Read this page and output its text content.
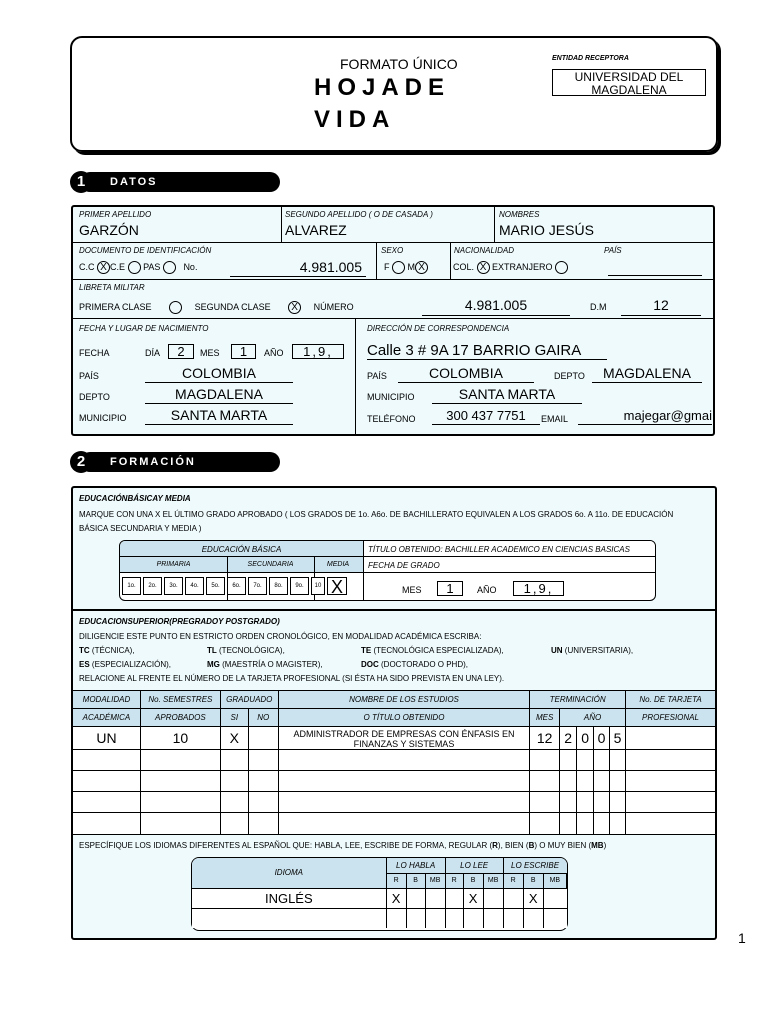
FORMATO ÚNICO
HOJADE
VIDA
ENTIDAD RECEPTORA
UNIVERSIDAD DEL MAGDALENA
DATOS
1
PRIMER APELLIDO
GARZÓN
SEGUNDO APELLIDO ( O DE CASADA )
ALVAREZ
NOMBRES
MARIO JESÚS
DOCUMENTO DE IDENTIFICACIÓN
C.C X C.E PAS	No.	4.981.005
SEXO
F M X
NACIONALIDAD	PAÍS
COL. X EXTRANJERO
LIBRETA MILITAR
PRIMERA CLASE	SEGUNDA CLASE X NÚMERO	4.981.005	D.M	12
FECHA Y LUGAR DE NACIMIENTO
FECHA	DÍA	2	MES	1	AÑO	1,9,
PAÍS	COLOMBIA
DEPTO	MAGDALENA
MUNICIPIO	SANTA MARTA
DIRECCIÓN DE CORRESPONDENCIA
Calle 3 # 9A 17 BARRIO GAIRA
PAÍS	COLOMBIA	DEPTO	MAGDALENA
MUNICIPIO	SANTA MARTA
TELÉFONO	300 437 7751	EMAIL	majegar@gmai
FORMACIÓN
2
EDUCACIÓNBÁSICAY MEDIA
MARQUE CON UNA X EL ÚLTIMO GRADO APROBADO ( LOS GRADOS DE 1o. A6o. DE BACHILLERATO EQUIVALEN A LOS GRADOS 6o. A 11o. DE EDUCACIÓN BÁSICA SECUNDARIA Y MEDIA )
EDUCACIÓN BÁSICA
PRIMARIA	SECUNDARIA	MEDIA
1o.	2o.	3o.	4o.	5o.	6o.	7o.	8o.	9o.	10 X
TÍTULO OBTENIDO: BACHILLER ACADEMICO EN CIENCIAS BASICAS
FECHA DE GRADO
MES	1	AÑO	1,9,
EDUCACIONSUPERIOR(PREGRADOY POSTGRADO)
DILIGENCIE ESTE PUNTO EN ESTRICTO ORDEN CRONOLÓGICO, EN MODALIDAD ACADÉMICA ESCRIBA:
TC (TÉCNICA),	TL (TECNOLÓGICA),	TE (TECNOLÓGICA ESPECIALIZADA),	UN (UNIVERSITARIA),
ES (ESPECIALIZACIÓN),	MG (MAESTRÍA O MAGISTER),	DOC (DOCTORADO O PHD),
RELACIONE AL FRENTE EL NÚMERO DE LA TARJETA PROFESIONAL (SI ÉSTA HA SIDO PREVISTA EN UNA LEY).
MODALIDAD	No. SEMESTRES	GRADUADO		NOMBRE DE LOS ESTUDIOS	TERMINACIÓN					No. DE TARJETA
ACADÉMICA	APROBADOS	SI	NO	O TÍTULO OBTENIDO	MES	AÑO				PROFESIONAL
UN	10	X		ADMINISTRADOR DE EMPRESAS CON ÉNFASIS EN FINANZAS Y SISTEMAS	12	2	0	0	5	

ESPECÍFIQUE LOS IDIOMAS DIFERENTES AL ESPAÑOL QUE: HABLA, LEE, ESCRIBE DE FORMA, REGULAR (R), BIEN (B) O MUY BIEN (MB)
IDIOMA	LO HABLA			LO LEE			LO ESCRIBE		
	R	B	MB	R	B	MB	R	B	MB
INGLÉS	X				X			X	

1
